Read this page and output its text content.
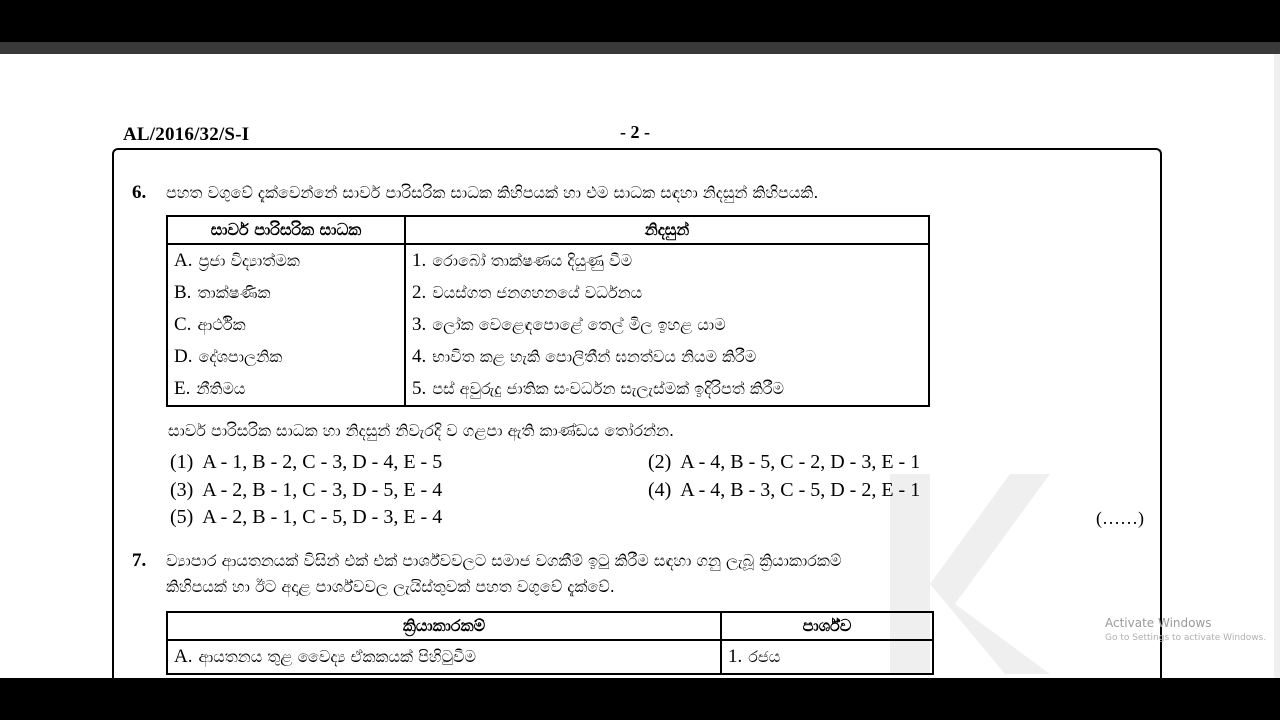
AL/2016/32/S-I	- 2 -
6. පහත වගුවේ දැක්වෙන්නේ සාර්ව පාරිසරික සාධක කිහිපයක් හා එම සාධක සඳහා නිදසුන් කිහිපයකි.
සාර්ව පාරිසරික සාධක	නිදසුන්
A. ප්‍රජා විද්‍යාත්මක	1. රොබෝ තාක්ෂණය දියුණු වීම
B. තාක්ෂණික	2. වයස්ගත ජනගහනයේ වර්ධනය
C. ආර්ථික	3. ලෝක වෙළෙඳපොළේ තෙල් මිල ඉහළ යාම
D. දේශපාලනික	4. භාවිත කළ හැකි පොලිතීන් ඝනත්වය නියම කිරීම
E. නීතිමය	5. පස් අවුරුදු ජාතික සංවර්ධන සැලැස්මක් ඉදිරිපත් කිරීම
සාර්ව පාරිසරික සාධක හා නිදසුන් නිවැරදි ව ගළපා ඇති කාණ්ඩය තෝරන්න.
(1) A - 1, B - 2, C - 3, D - 4, E - 5	(2) A - 4, B - 5, C - 2, D - 3, E - 1
(3) A - 2, B - 1, C - 3, D - 5, E - 4	(4) A - 4, B - 3, C - 5, D - 2, E - 1
(5) A - 2, B - 1, C - 5, D - 3, E - 4	(……)
7. ව්‍යාපාර ආයතනයක් විසින් එක් එක් පාර්ශ්වවලට සමාජ වගකීම් ඉටු කිරීම සඳහා ගනු ලැබූ ක්‍රියාකාරකම්
කිහිපයක් හා ඊට අදාළ පාර්ශ්වවල ලැයිස්තුවක් පහත වගුවේ දැක්වේ.
ක්‍රියාකාරකම්	පාර්ශ්ව
A. ආයතනය තුළ වෛද්‍ය ඒකකයක් පිහිටුවීම	1. රජය
Activate Windows
Go to Settings to activate Windows.
